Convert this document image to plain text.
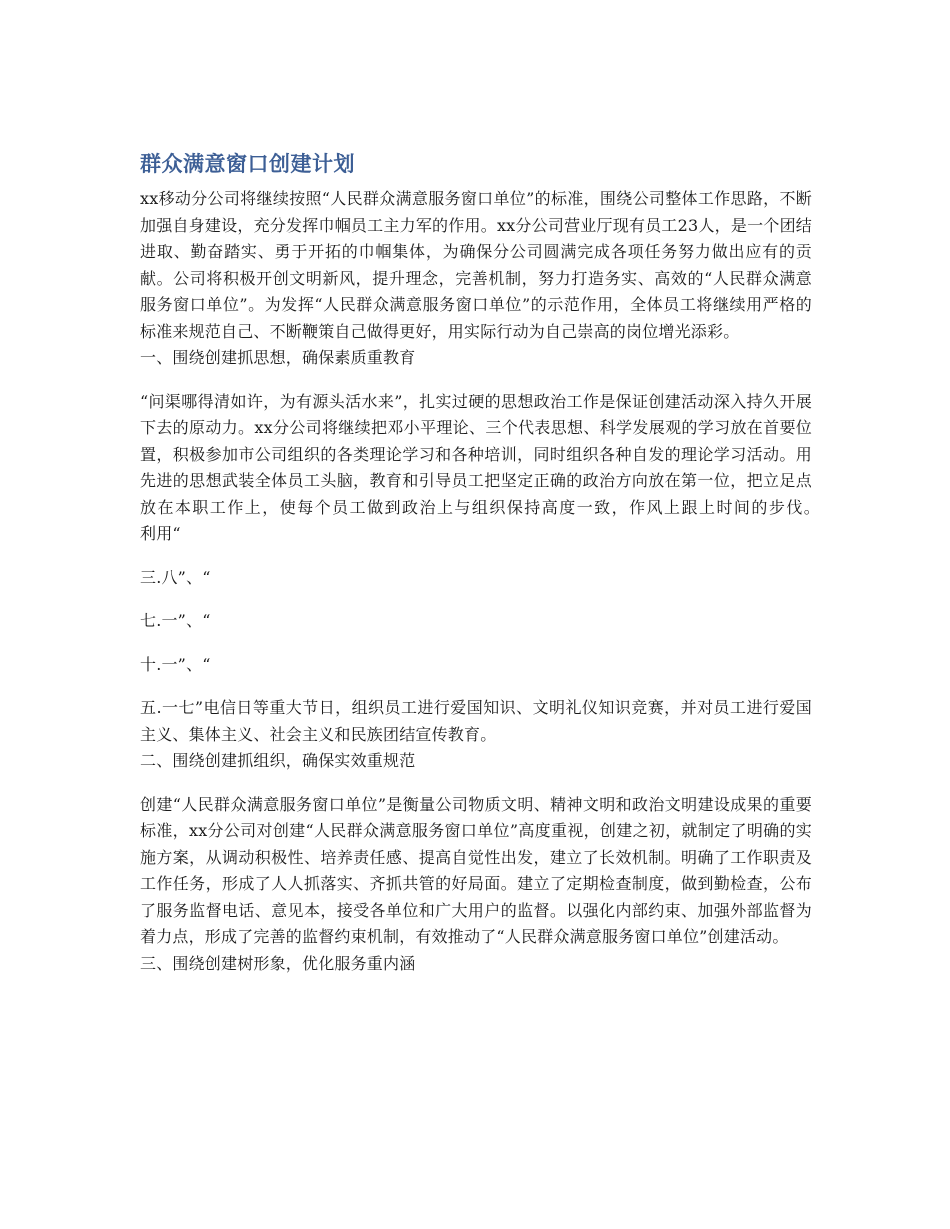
群众满意窗口创建计划

xx移动分公司将继续按照“人民群众满意服务窗口单位”的标准，围绕公司整体工作思路，不断加强自身建设，充分发挥巾帼员工主力军的作用。xx分公司营业厅现有员工23人，是一个团结进取、勤奋踏实、勇于开拓的巾帼集体，为确保分公司圆满完成各项任务努力做出应有的贡献。公司将积极开创文明新风，提升理念，完善机制，努力打造务实、高效的“人民群众满意服务窗口单位”。为发挥“人民群众满意服务窗口单位”的示范作用，全体员工将继续用严格的标准来规范自己、不断鞭策自己做得更好，用实际行动为自己崇高的岗位增光添彩。

一、围绕创建抓思想，确保素质重教育

“问渠哪得清如许，为有源头活水来”，扎实过硬的思想政治工作是保证创建活动深入持久开展下去的原动力。xx分公司将继续把邓小平理论、三个代表思想、科学发展观的学习放在首要位置，积极参加市公司组织的各类理论学习和各种培训，同时组织各种自发的理论学习活动。用先进的思想武装全体员工头脑，教育和引导员工把坚定正确的政治方向放在第一位，把立足点放在本职工作上，使每个员工做到政治上与组织保持高度一致，作风上跟上时间的步伐。　　利用“

三.八”、“

七.一”、“

十.一”、“

五.一七”电信日等重大节日，组织员工进行爱国知识、文明礼仪知识竞赛，并对员工进行爱国主义、集体主义、社会主义和民族团结宣传教育。

二、围绕创建抓组织，确保实效重规范

创建“人民群众满意服务窗口单位”是衡量公司物质文明、精神文明和政治文明建设成果的重要标准，xx分公司对创建“人民群众满意服务窗口单位”高度重视，创建之初，就制定了明确的实施方案，从调动积极性、培养责任感、提高自觉性出发，建立了长效机制。明确了工作职责及工作任务，形成了人人抓落实、齐抓共管的好局面。建立了定期检查制度，做到勤检查，公布了服务监督电话、意见本，接受各单位和广大用户的监督。以强化内部约束、加强外部监督为着力点，形成了完善的监督约束机制，有效推动了“人民群众满意服务窗口单位”创建活动。

三、围绕创建树形象，优化服务重内涵
